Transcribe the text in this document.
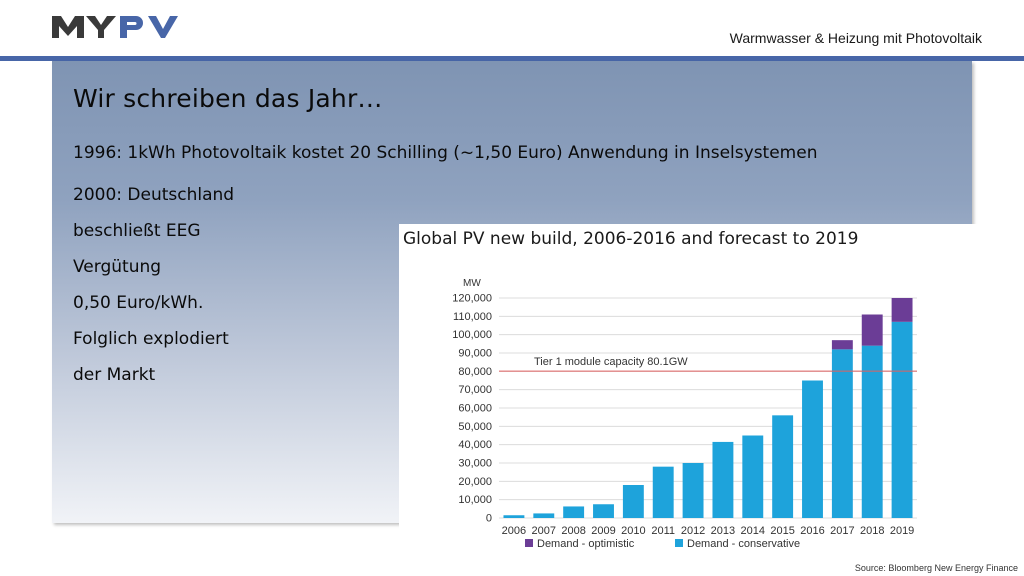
Warmwasser & Heizung mit Photovoltaik
Wir schreiben das Jahr…
1996: 1kWh Photovoltaik kostet 20 Schilling (~1,50 Euro) Anwendung in Inselsystemen
2000: Deutschland
beschließt EEG
Vergütung
0,50 Euro/kWh.
Folglich explodiert
der Markt
Global PV new build, 2006-2016 and forecast to 2019
MW
0
10,000
20,000
30,000
40,000
50,000
60,000
70,000
80,000
90,000
100,000
110,000
120,000
2006 2007 2008 2009 2010 2011 2012 2013 2014 2015 2016 2017 2018 2019
Tier 1 module capacity 80.1GW
Demand - optimistic	Demand - conservative
Source: Bloomberg New Energy Finance
